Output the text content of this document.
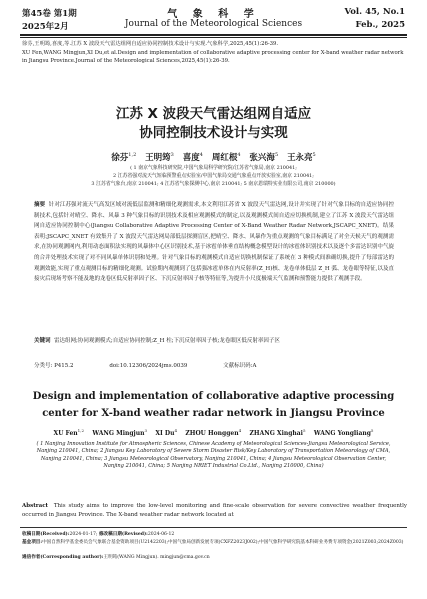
第45卷 第1期
2025年2月
气 象 科 学
Journal of the Meteorological Sciences
Vol. 45, No.1
Feb., 2025
徐芬,王明筠,喜度,等.江苏 X 波段天气雷达组网自适应协同控制技术设计与实现.气象科学,2025,45(1):26-39.
XU Fen,WANG Mingjun,XI Du,et al.Design and implementation of collaborative adaptive processing center for X-band weather radar network in Jiangsu Province.Journal of the Meteorological Sciences,2025,45(1):26-39.
江苏 X 波段天气雷达组网自适应
协同控制技术设计与实现
徐芬$^{1,2}$ 王明筠$^3$ 喜度$^4$ 周红根$^4$ 张兴海$^5$ 王永亮$^5$
( 1 南京气象科技研究院,中国气象局科学研究院/江苏省气象局,南京 210041;
2 江苏省强对流天气短临预警重点实验室/中国气象局交通气象重点开放实验室,南京 210041;
3 江苏省气象台,南京 210041; 4 江苏省气象探测中心,南京 210041; 5 南京恩瑞特实业有限公司,南京 210000)
摘要 针对江苏强对流天气高发区域对流低层监测和精细化观测需求,本文利用江苏省 X 波段天气雷达网,设计并实现了针对气象目标的自适应协同控制技术,包括针对晴空、降水、风暴 3 种气象目标的识别技术及相应观测模式的制定,以及观测模式间自适应切换机制,建立了江苏 X 波段天气雷达组网自适应协同控制中心(Jiangsu Collaborative Adaptive Processing Center of X-Band Weather Radar Network,JSCAPC_XNET)。结果表明:JSCAPC_XNET 有效集升了 X 波段天气雷达网局部低层探测盲区,把晴空、降水、风暴作为重点观测的气象目标满足了对全天候天气的观测需求,在协同观测网内,利用动态面积法实现的风暴体中心区识别技术,基于冰雹单体垂直结构概念模型设计的冰雹体识别技术以及逐个多雷达识别中气旋的合并处理技术实现了对不同风暴单体识别和处理。针对气象目标的观测模式自适应切换机制保证了系统在 3 种模式间准确切换,提升了每部雷达的观测效能,实现了重点观测目标的精细化观测。试验期内观测到了包括强冰雹单体在内反射率(Z_H)核、龙卷单体低层 Z_H 弧、龙卷眼等特征,以及直接灾后现场考察不能及地的龙卷区低反射率因子区、下沉反射率因子核等特征等,为提升小尺度极端天气监测和预警能力提供了观测手段。
关键词 雷达组网;协同观测模式;自适应协同控制;Z_H 柱;下沉反射率因子核;龙卷眼区低反射率因子区
分类号: P415.2	doi:10.12306/2024jms.0039	文献标识码:A
Design and implementation of collaborative adaptive processing
center for X-band weather radar network in Jiangsu Province
XU Fen$^{1,2}$ WANG Mingjun$^3$ XI Du$^4$ ZHOU Honggen$^4$ ZHANG Xinghai$^5$ WANG Yongliang$^5$
( 1 Nanjing Innovation Institute for Atmospheric Sciences, Chinese Academy of Meteorological Sciences-Jiangsu Meteorological Service, Nanjing 210041, China; 2 Jiangsu Key Laboratory of Severe Storm Disaster Risk/Key Laboratory of Transportation Meteorology of CMA, Nanjing 210041, China; 3 Jiangsu Meteorological Observatory, Nanjing 210041, China; 4 Jiangsu Meteorological Observation Center, Nanjing 210041, China; 5 Nanjing NRIET Industrial Co.Ltd., Nanjing 210000, China)
Abstract This study aims to improve the low-level monitoring and fine-scale observation for severe convective weather frequently occurred in Jiangsu Province. The X-band weather radar network located at
收稿日期(Received):2024-01-17; 修改稿日期(Revised):2024-06-12
基金项目:中国自然科学基金委员会气象联合基金资助项目(U2142203);中国气象局创新发展专项(CXFZ2023J002);中国气象科学研究院基本科研业务费专项资金(2021Z003;2024Z003)
通信作者(Corresponding author):王明筠(WANG Mingjun). mingjun@cma.gov.cn
